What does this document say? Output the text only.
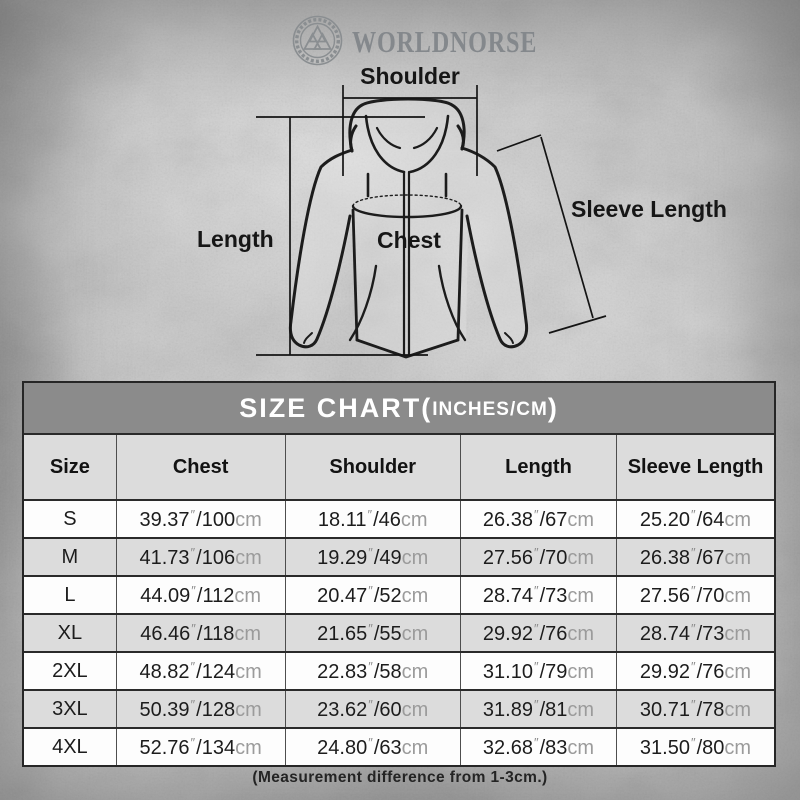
WORLDNORSE
Shoulder
Length	Chest
Sleeve Length
SIZE CHART( INCHES/CM )
Size	Chest	Shoulder	Length	Sleeve Length
S	39.37″/100cm	18.11″/46cm	26.38″/67cm	25.20″/64cm
M	41.73″/106cm	19.29″/49cm	27.56″/70cm	26.38″/67cm
L	44.09″/112cm	20.47″/52cm	28.74″/73cm	27.56″/70cm
XL	46.46″/118cm	21.65″/55cm	29.92″/76cm	28.74″/73cm
2XL	48.82″/124cm	22.83″/58cm	31.10″/79cm	29.92″/76cm
3XL	50.39″/128cm	23.62″/60cm	31.89″/81cm	30.71″/78cm
4XL	52.76″/134cm	24.80″/63cm	32.68″/83cm	31.50″/80cm
(Measurement difference from 1-3cm.)
